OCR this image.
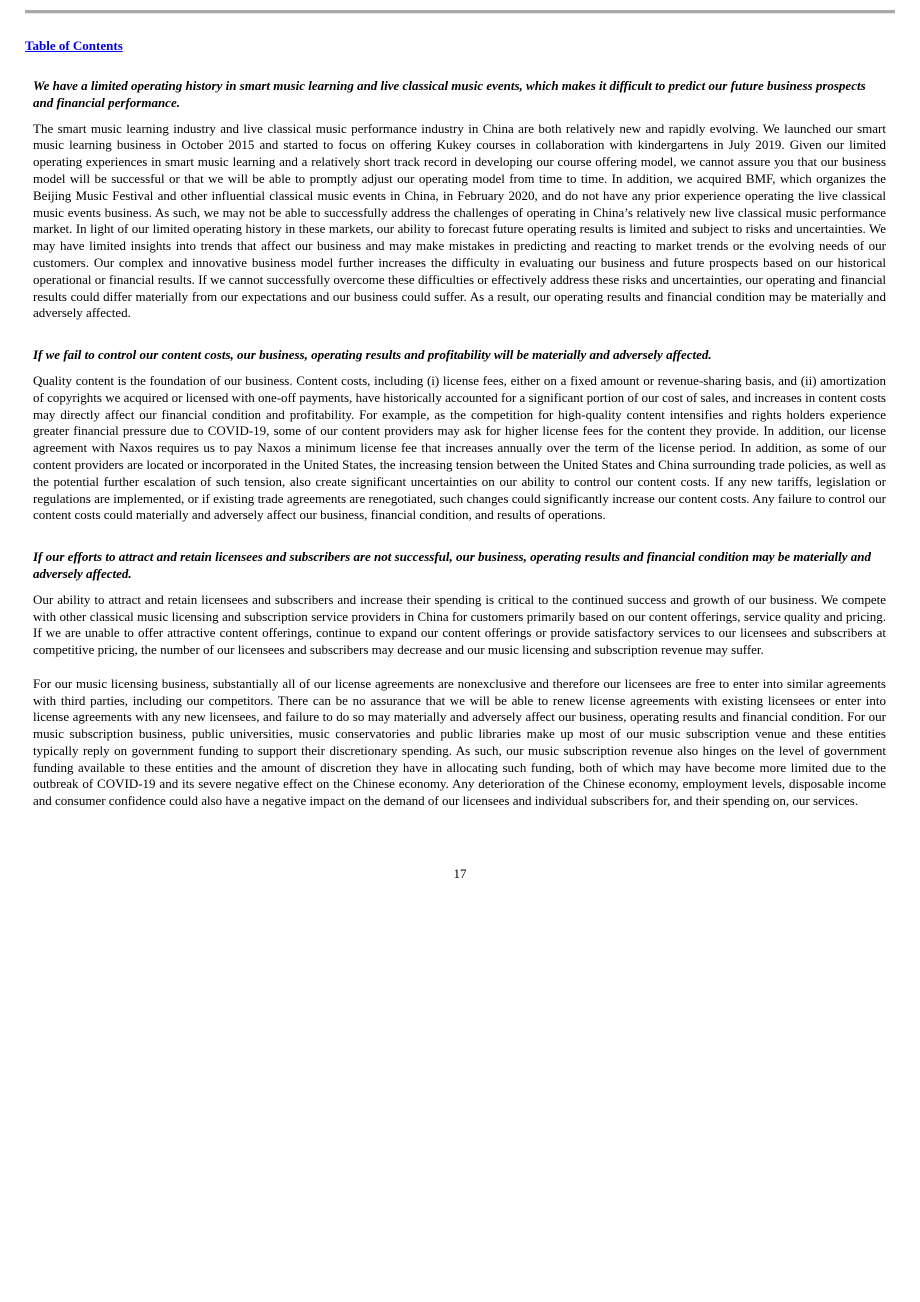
Table of Contents

We have a limited operating history in smart music learning and live classical music events, which makes it difficult to predict our future business prospects and financial performance.

The smart music learning industry and live classical music performance industry in China are both relatively new and rapidly evolving. We launched our smart music learning business in October 2015 and started to focus on offering Kukey courses in collaboration with kindergartens in July 2019. Given our limited operating experiences in smart music learning and a relatively short track record in developing our course offering model, we cannot assure you that our business model will be successful or that we will be able to promptly adjust our operating model from time to time. In addition, we acquired BMF, which organizes the Beijing Music Festival and other influential classical music events in China, in February 2020, and do not have any prior experience operating the live classical music events business. As such, we may not be able to successfully address the challenges of operating in China’s relatively new live classical music performance market. In light of our limited operating history in these markets, our ability to forecast future operating results is limited and subject to risks and uncertainties. We may have limited insights into trends that affect our business and may make mistakes in predicting and reacting to market trends or the evolving needs of our customers. Our complex and innovative business model further increases the difficulty in evaluating our business and future prospects based on our historical operational or financial results. If we cannot successfully overcome these difficulties or effectively address these risks and uncertainties, our operating and financial results could differ materially from our expectations and our business could suffer. As a result, our operating results and financial condition may be materially and adversely affected.

If we fail to control our content costs, our business, operating results and profitability will be materially and adversely affected.

Quality content is the foundation of our business. Content costs, including (i) license fees, either on a fixed amount or revenue-sharing basis, and (ii) amortization of copyrights we acquired or licensed with one-off payments, have historically accounted for a significant portion of our cost of sales, and increases in content costs may directly affect our financial condition and profitability. For example, as the competition for high-quality content intensifies and rights holders experience greater financial pressure due to COVID-19, some of our content providers may ask for higher license fees for the content they provide. In addition, our license agreement with Naxos requires us to pay Naxos a minimum license fee that increases annually over the term of the license period. In addition, as some of our content providers are located or incorporated in the United States, the increasing tension between the United States and China surrounding trade policies, as well as the potential further escalation of such tension, also create significant uncertainties on our ability to control our content costs. If any new tariffs, legislation or regulations are implemented, or if existing trade agreements are renegotiated, such changes could significantly increase our content costs. Any failure to control our content costs could materially and adversely affect our business, financial condition, and results of operations.

If our efforts to attract and retain licensees and subscribers are not successful, our business, operating results and financial condition may be materially and adversely affected.

Our ability to attract and retain licensees and subscribers and increase their spending is critical to the continued success and growth of our business. We compete with other classical music licensing and subscription service providers in China for customers primarily based on our content offerings, service quality and pricing. If we are unable to offer attractive content offerings, continue to expand our content offerings or provide satisfactory services to our licensees and subscribers at competitive pricing, the number of our licensees and subscribers may decrease and our music licensing and subscription revenue may suffer.

For our music licensing business, substantially all of our license agreements are nonexclusive and therefore our licensees are free to enter into similar agreements with third parties, including our competitors. There can be no assurance that we will be able to renew license agreements with existing licensees or enter into license agreements with any new licensees, and failure to do so may materially and adversely affect our business, operating results and financial condition. For our music subscription business, public universities, music conservatories and public libraries make up most of our music subscription venue and these entities typically reply on government funding to support their discretionary spending. As such, our music subscription revenue also hinges on the level of government funding available to these entities and the amount of discretion they have in allocating such funding, both of which may have become more limited due to the outbreak of COVID-19 and its severe negative effect on the Chinese economy. Any deterioration of the Chinese economy, employment levels, disposable income and consumer confidence could also have a negative impact on the demand of our licensees and individual subscribers for, and their spending on, our services.

17
